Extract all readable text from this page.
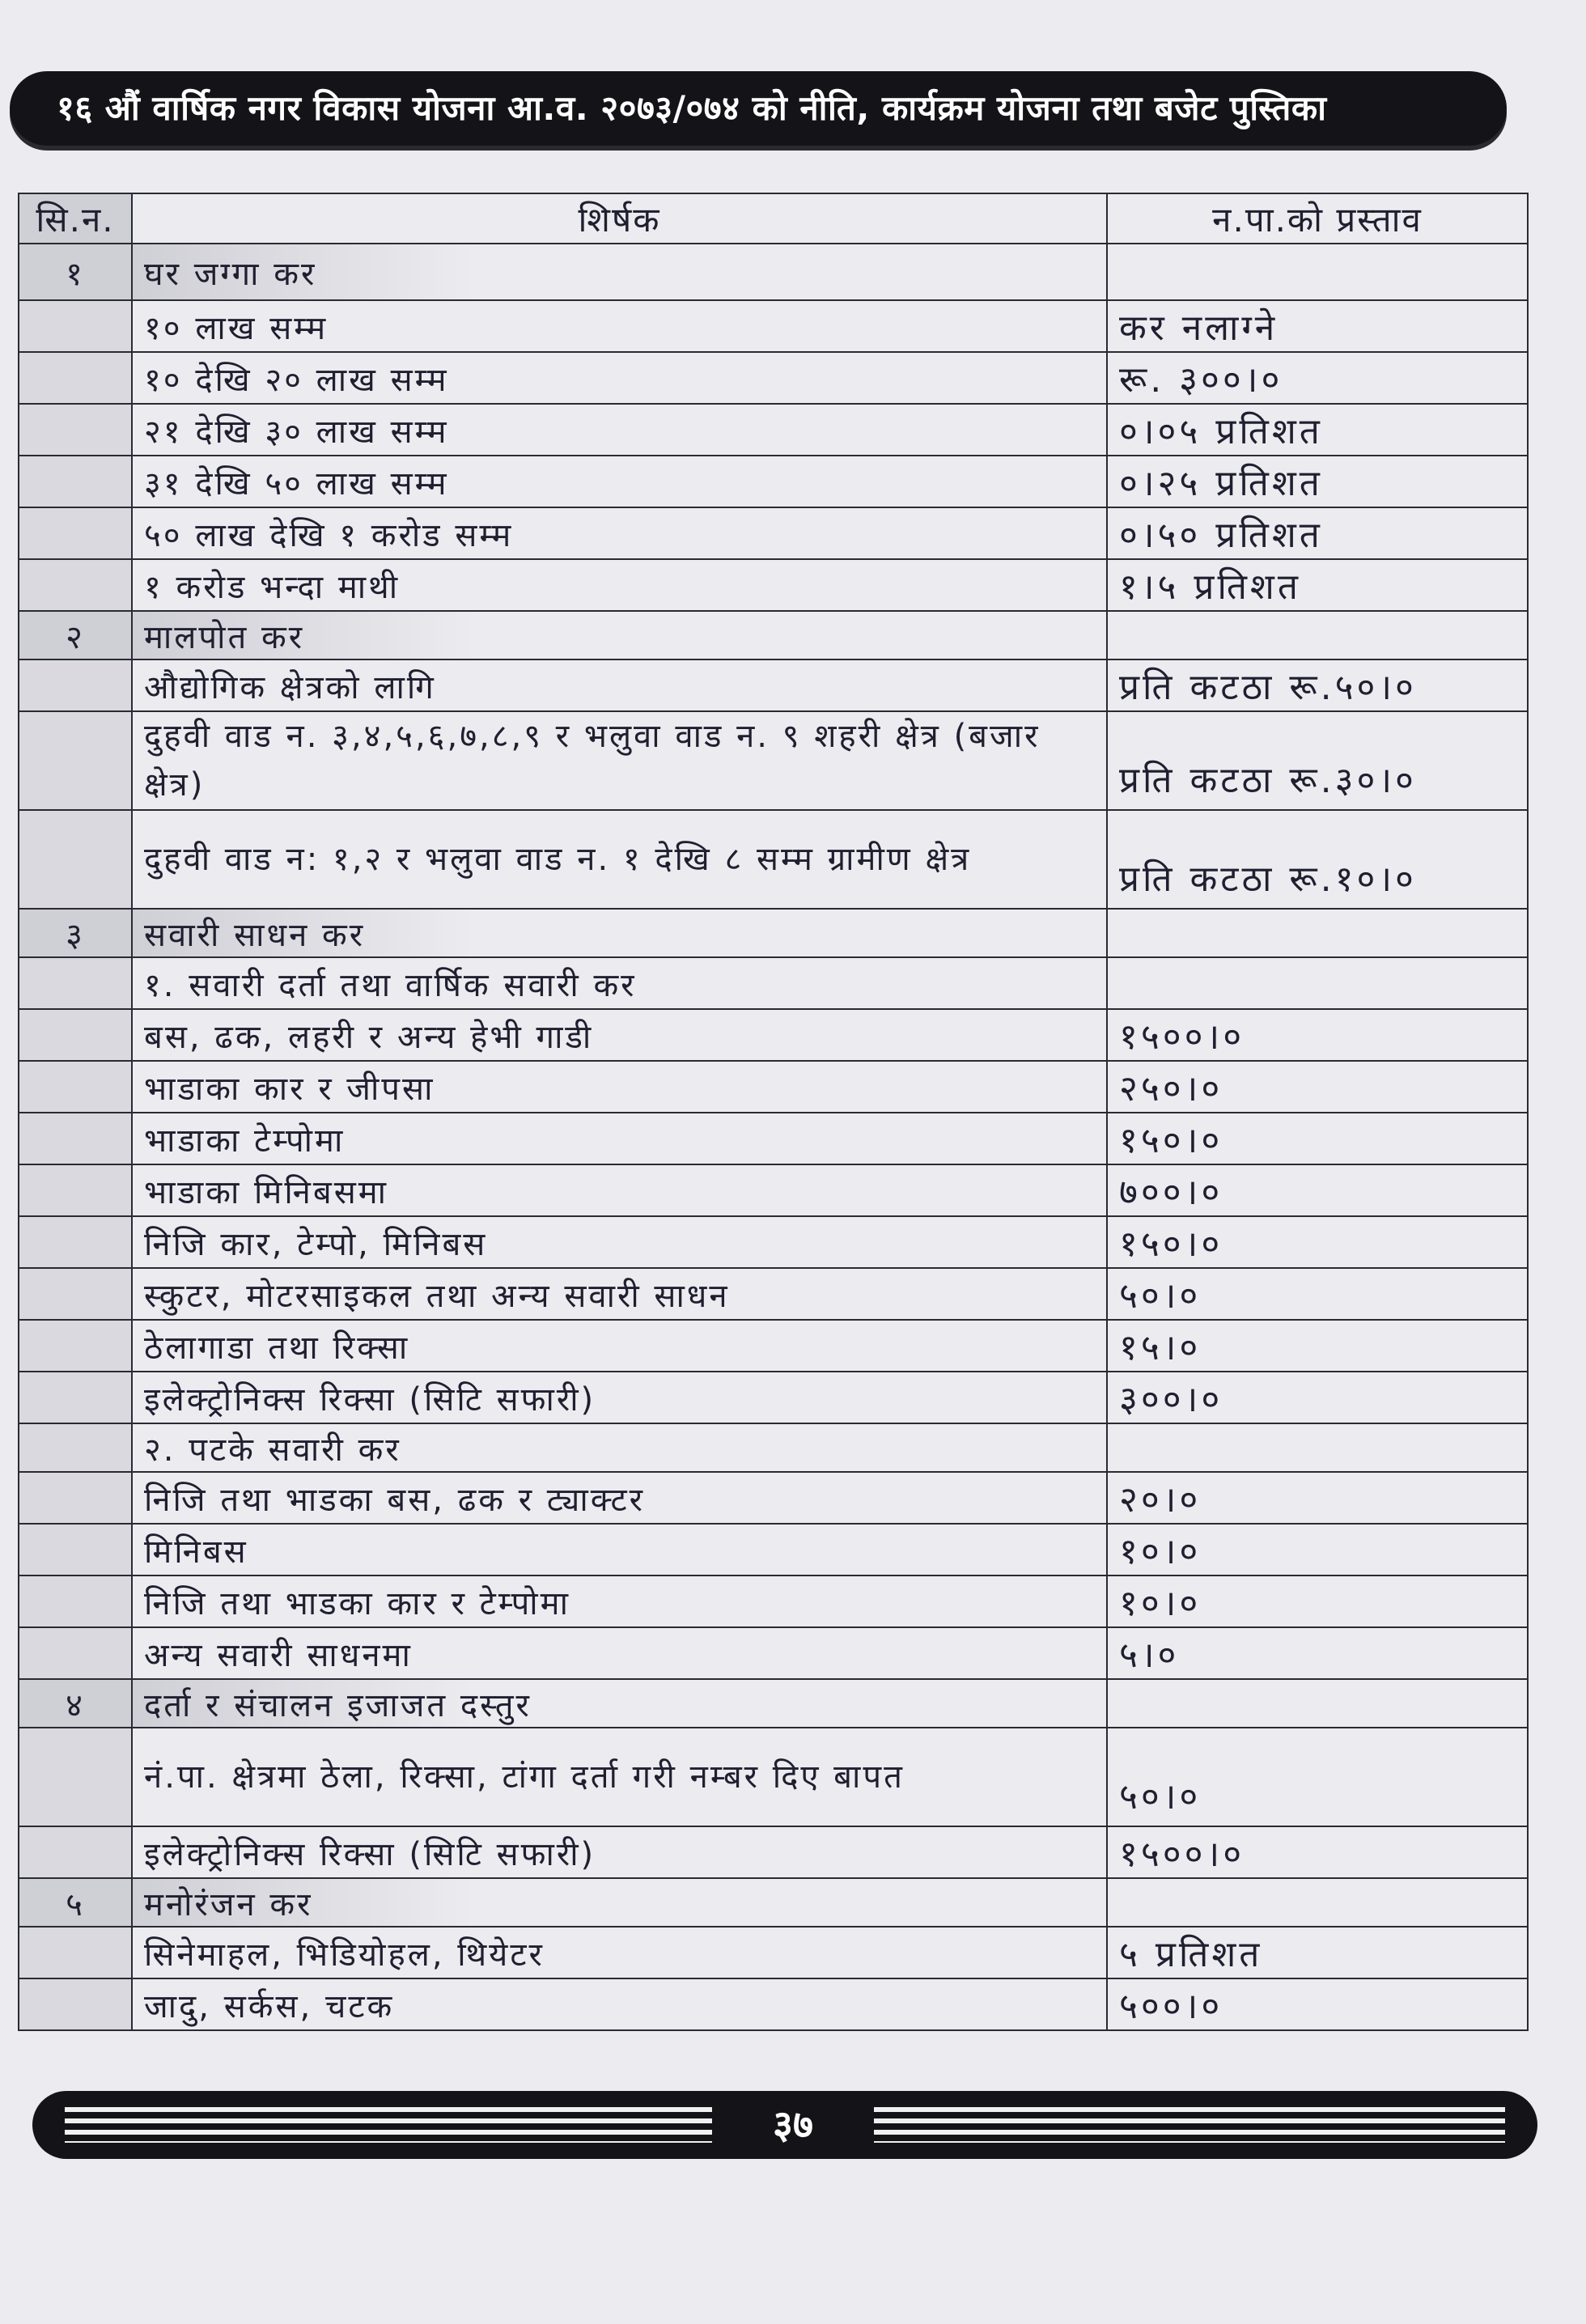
१६ औं वार्षिक नगर विकास योजना आ.व. २०७३/०७४ को नीति, कार्यक्रम योजना तथा बजेट पुस्तिका
सि.न.	शिर्षक	न.पा.को प्रस्ताव
१	घर जग्गा कर	
	१० लाख सम्म	कर नलाग्ने
	१० देखि २० लाख सम्म	रू. ३००।०
	२१ देखि ३० लाख सम्म	०।०५ प्रतिशत
	३१ देखि ५० लाख सम्म	०।२५ प्रतिशत
	५० लाख देखि १ करोड सम्म	०।५० प्रतिशत
	१ करोड भन्दा माथी	१।५ प्रतिशत
२	मालपोत कर	
	औद्योगिक क्षेत्रको लागि	प्रति कटठा रू.५०।०
	दुहवी वाड न. ३,४,५,६,७,८,९ र भलुवा वाड न. ९ शहरी क्षेत्र (बजार क्षेत्र)	प्रति कटठा रू.३०।०
	दुहवी वाड न: १,२ र भलुवा वाड न. १ देखि ८ सम्म ग्रामीण क्षेत्र	प्रति कटठा रू.१०।०
३	सवारी साधन कर	
	१. सवारी दर्ता तथा वार्षिक सवारी कर	
	बस, ढक, लहरी र अन्य हेभी गाडी	१५००।०
	भाडाका कार र जीपसा	२५०।०
	भाडाका टेम्पोमा	१५०।०
	भाडाका मिनिबसमा	७००।०
	निजि कार, टेम्पो, मिनिबस	१५०।०
	स्कुटर, मोटरसाइकल तथा अन्य सवारी साधन	५०।०
	ठेलागाडा तथा रिक्सा	१५।०
	इलेक्ट्रोनिक्स रिक्सा (सिटि सफारी)	३००।०
	२. पटके सवारी कर	
	निजि तथा भाडका बस, ढक र ट्याक्टर	२०।०
	मिनिबस	१०।०
	निजि तथा भाडका कार र टेम्पोमा	१०।०
	अन्य सवारी साधनमा	५।०
४	दर्ता र संचालन इजाजत दस्तुर	
	नं.पा. क्षेत्रमा ठेला, रिक्सा, टांगा दर्ता गरी नम्बर दिए बापत	५०।०
	इलेक्ट्रोनिक्स रिक्सा (सिटि सफारी)	१५००।०
५	मनोरंजन कर	
	सिनेमाहल, भिडियोहल, थियेटर	५ प्रतिशत
	जादु, सर्कस, चटक	५००।०
३७
